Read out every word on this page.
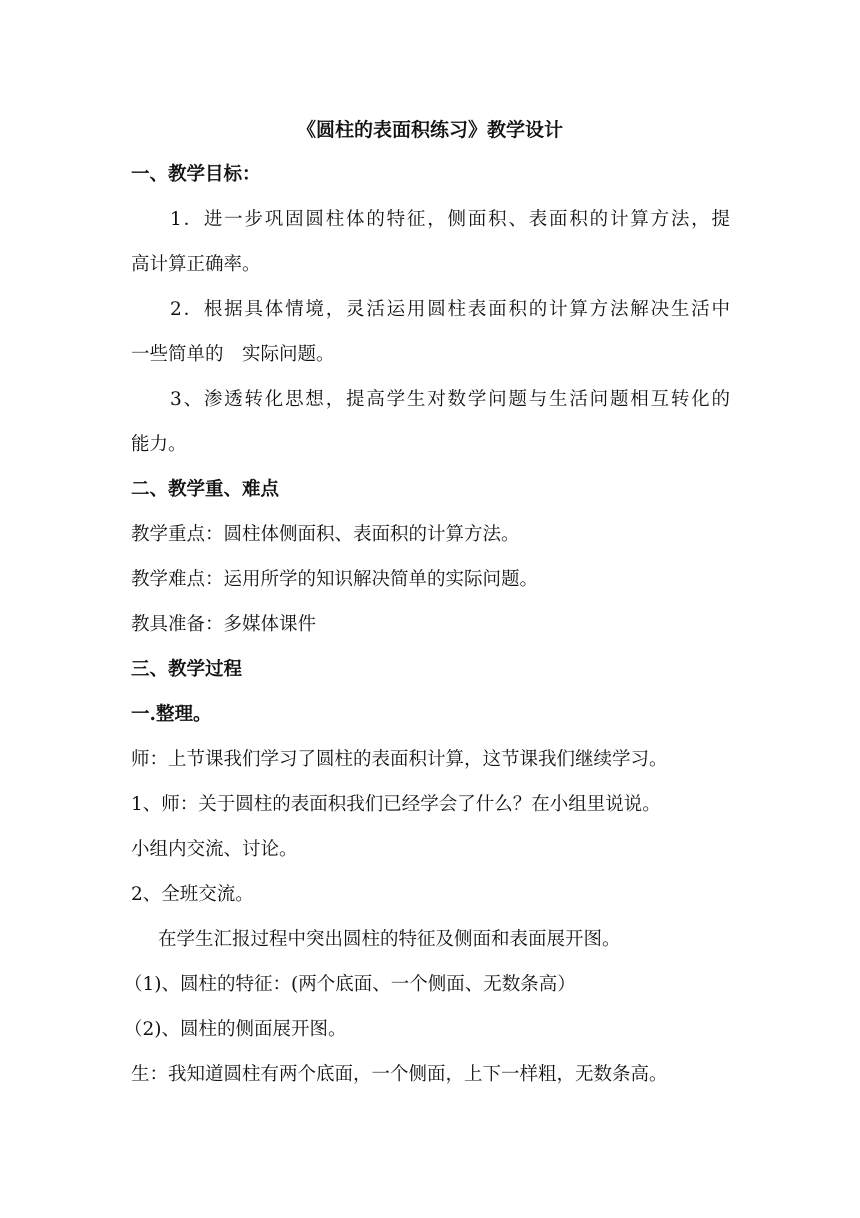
《圆柱的表面积练习》教学设计
一、教学目标：
1．进一步巩固圆柱体的特征，侧面积、表面积的计算方法，提
高计算正确率。
2．根据具体情境，灵活运用圆柱表面积的计算方法解决生活中
一些简单的　实际问题。
3、渗透转化思想，提高学生对数学问题与生活问题相互转化的
能力。
二、教学重、难点
教学重点：圆柱体侧面积、表面积的计算方法。
教学难点：运用所学的知识解决简单的实际问题。
教具准备：多媒体课件
三、教学过程
一.整理。
师：上节课我们学习了圆柱的表面积计算，这节课我们继续学习。
1、师：关于圆柱的表面积我们已经学会了什么？在小组里说说。
小组内交流、讨论。
2、全班交流。
在学生汇报过程中突出圆柱的特征及侧面和表面展开图。
（1)、圆柱的特征：(两个底面、一个侧面、无数条高）
（2)、圆柱的侧面展开图。
生：我知道圆柱有两个底面，一个侧面，上下一样粗，无数条高。
